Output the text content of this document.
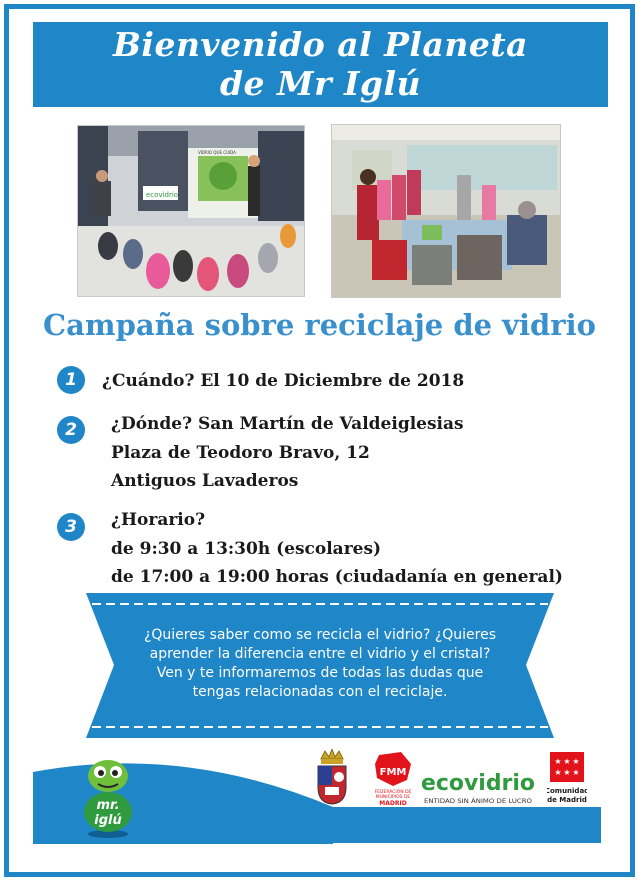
Bienvenido al Planeta
de Mr Iglú
ecovidrio
VIDRIO QUE CUIDA
Campaña sobre reciclaje de vidrio
1	¿Cuándo? El 10 de Diciembre de 2018
2	¿Dónde? San Martín de Valdeiglesias
Plaza de Teodoro Bravo, 12
Antiguos Lavaderos
3	¿Horario?
de 9:30 a 13:30h (escolares)
de 17:00 a 19:00 horas (ciudadanía en general)
¿Quieres saber como se recicla el vidrio? ¿Quieres
aprender la diferencia entre el vidrio y el cristal?
Ven y te informaremos de todas las dudas que
tengas relacionadas con el reciclaje.
mr.
iglú
FMM
FEDERACIÓN DE
MUNICIPIOS DE
MADRID
ecovidrio
ENTIDAD SIN ÁNIMO DE LUCRO
★ ★ ★
★ ★ ★
Comunidad
de Madrid
